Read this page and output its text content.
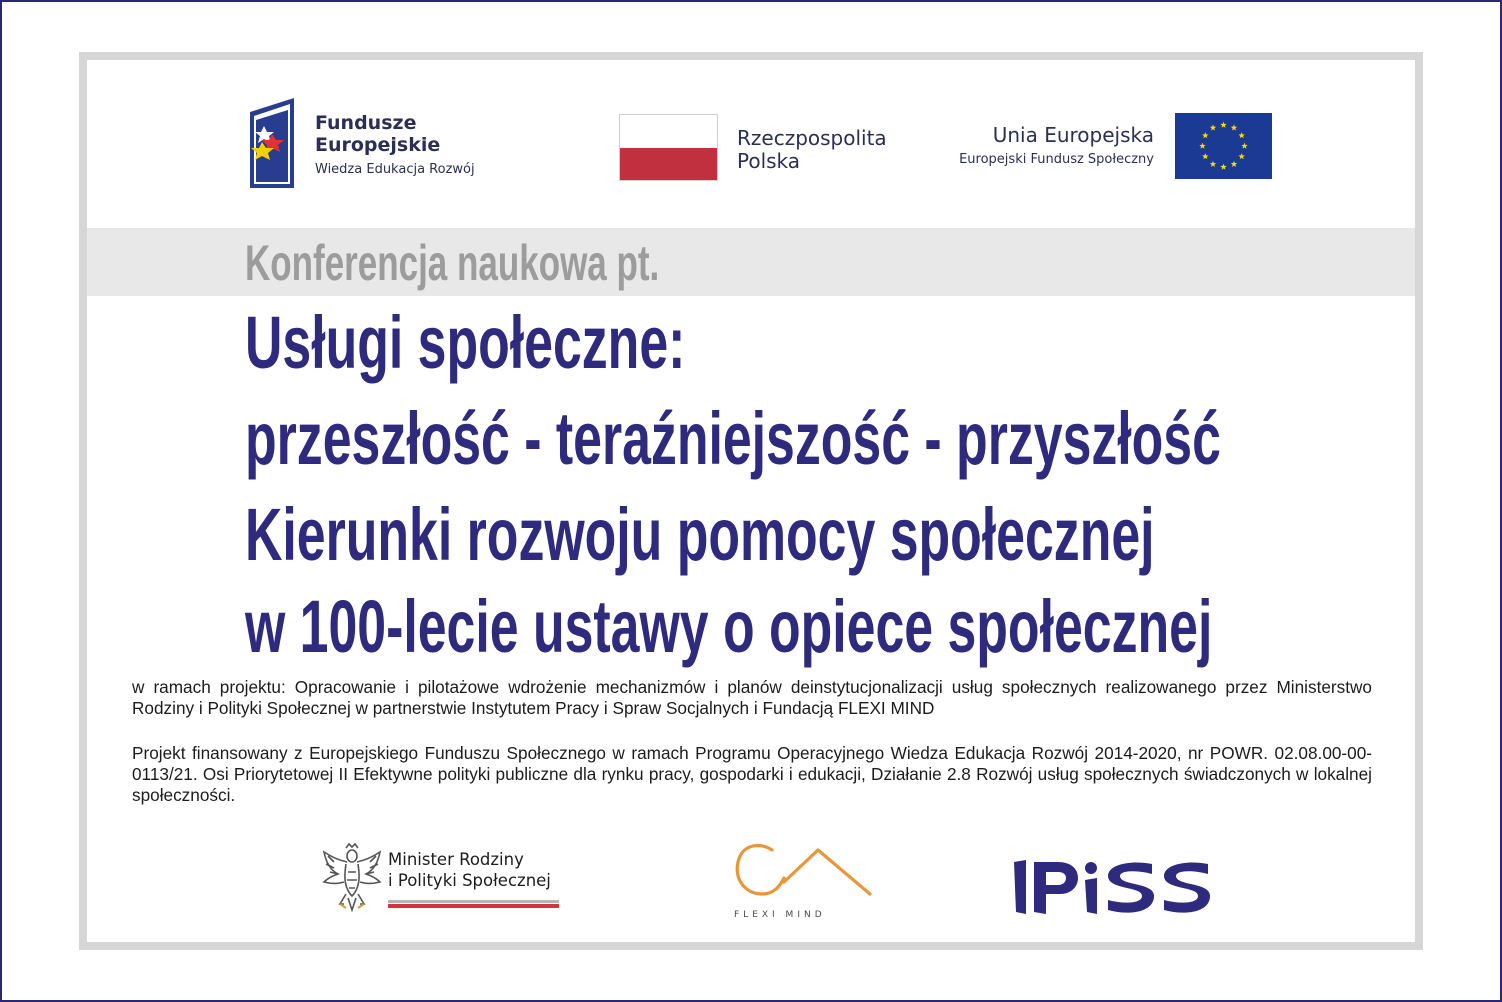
Fundusze
Europejskie
Wiedza Edukacja Rozwój
Rzeczpospolita
Polska
Unia Europejska
Europejski Fundusz Społeczny
Konferencja naukowa pt.
Usługi społeczne:
przeszłość - teraźniejszość - przyszłość
Kierunki rozwoju pomocy społecznej
w 100-lecie ustawy o opiece społecznej

w ramach projektu: Opracowanie i pilotażowe wdrożenie mechanizmów i planów deinstytucjonalizacji usług społecznych realizowanego przez Ministerstwo Rodziny i Polityki Społecznej w partnerstwie Instytutem Pracy i Spraw Socjalnych i Fundacją FLEXI MIND

Projekt finansowany z Europejskiego Funduszu Społecznego w ramach Programu Operacyjnego Wiedza Edukacja Rozwój 2014-2020, nr POWR. 02.08.00-00-0113/21. Osi Priorytetowej II Efektywne polityki publiczne dla rynku pracy, gospodarki i edukacji, Działanie 2.8 Rozwój usług społecznych świadczonych w lokalnej społeczności.

Minister Rodziny
i Polityki Społecznej
FLEXI MIND
